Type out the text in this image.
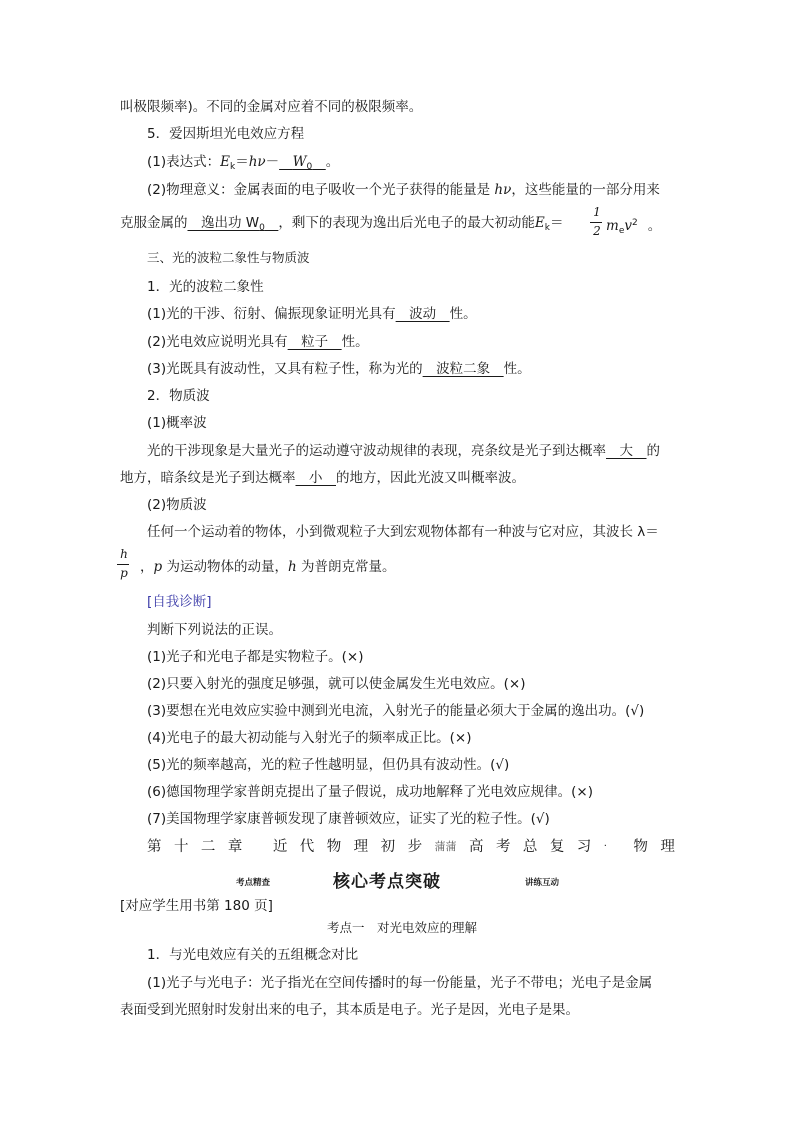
叫极限频率)。不同的金属对应着不同的极限频率。
5．爱因斯坦光电效应方程
(1)表达式：$E_k=h\nu-$　 $W_0$　 。
(2)物理意义：金属表面的电子吸收一个光子获得的能量是 hν，这些能量的一部分用来
克服金属的　逸出功 $W_0$　 ，剩下的表现为逸出后光电子的最大初动能$E_k=$
1
2 $m_ev^2$ 。
三、光的波粒二象性与物质波
1．光的波粒二象性
(1)光的干涉、衍射、偏振现象证明光具有　波动　性。
(2)光电效应说明光具有　粒子　性。
(3)光既具有波动性，又具有粒子性，称为光的　波粒二象　性。
2．物质波
(1)概率波
光的干涉现象是大量光子的运动遵守波动规律的表现，亮条纹是光子到达概率　大　的
地方，暗条纹是光子到达概率　小　的地方，因此光波又叫概率波。
(2)物质波
任何一个运动着的物体，小到微观粒子大到宏观物体都有一种波与它对应，其波长 λ＝
h
p ，p 为运动物体的动量，h 为普朗克常量。
[自我诊断]
判断下列说法的正误。
(1)光子和光电子都是实物粒子。(×)
(2)只要入射光的强度足够强，就可以使金属发生光电效应。(×)
(3)要想在光电效应实验中测到光电流，入射光子的能量必须大于金属的逸出功。(√)
(4)光电子的最大初动能与入射光子的频率成正比。(×)
(5)光的频率越高，光的粒子性越明显，但仍具有波动性。(√)
(6)德国物理学家普朗克提出了量子假说，成功地解释了光电效应规律。(×)
(7)美国物理学家康普顿发现了康普顿效应，证实了光的粒子性。(√)
第 十 二 章 近 代 物 理 初 步 蒲蒲 高 考 总 复 习 · 物 理
考点精查	核心考点突破	讲练互动
[对应学生用书第 180 页]
考点一　对光电效应的理解
1．与光电效应有关的五组概念对比
(1)光子与光电子：光子指光在空间传播时的每一份能量，光子不带电；光电子是金属
表面受到光照射时发射出来的电子，其本质是电子。光子是因，光电子是果。
